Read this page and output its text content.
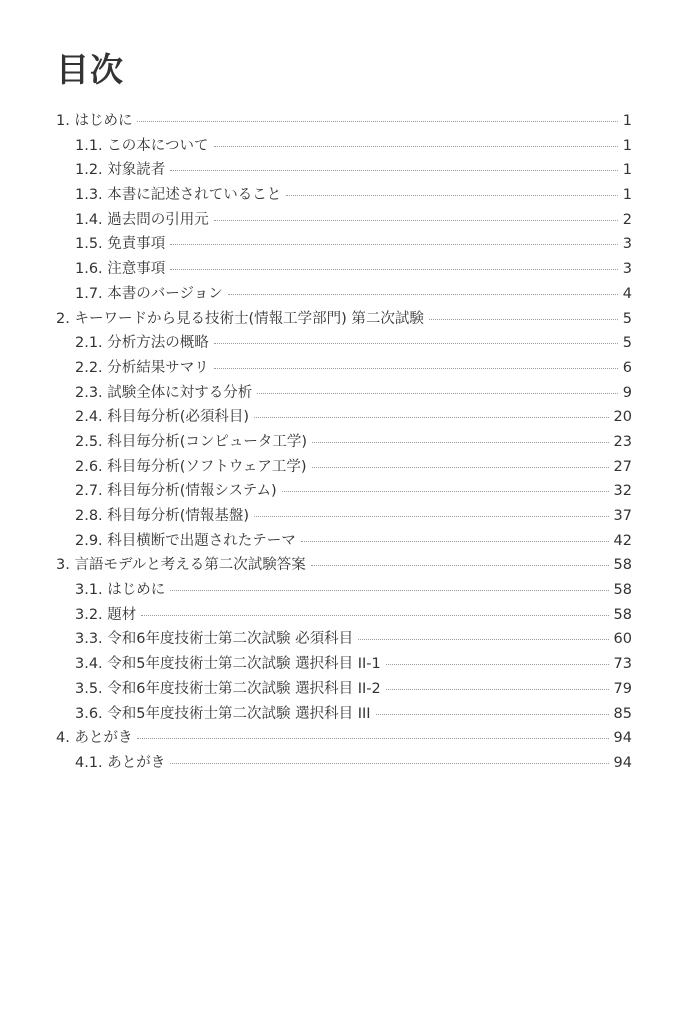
目次
1. はじめに	1
1.1. この本について	1
1.2. 対象読者	1
1.3. 本書に記述されていること	1
1.4. 過去問の引用元	2
1.5. 免責事項	3
1.6. 注意事項	3
1.7. 本書のバージョン	4
2. キーワードから見る技術士(情報工学部門) 第二次試験	5
2.1. 分析方法の概略	5
2.2. 分析結果サマリ	6
2.3. 試験全体に対する分析	9
2.4. 科目毎分析(必須科目)	20
2.5. 科目毎分析(コンピュータ工学)	23
2.6. 科目毎分析(ソフトウェア工学)	27
2.7. 科目毎分析(情報システム)	32
2.8. 科目毎分析(情報基盤)	37
2.9. 科目横断で出題されたテーマ	42
3. 言語モデルと考える第二次試験答案	58
3.1. はじめに	58
3.2. 題材	58
3.3. 令和6年度技術士第二次試験 必須科目	60
3.4. 令和5年度技術士第二次試験 選択科目 II-1	73
3.5. 令和6年度技術士第二次試験 選択科目 II-2	79
3.6. 令和5年度技術士第二次試験 選択科目 III	85
4. あとがき	94
4.1. あとがき	94
